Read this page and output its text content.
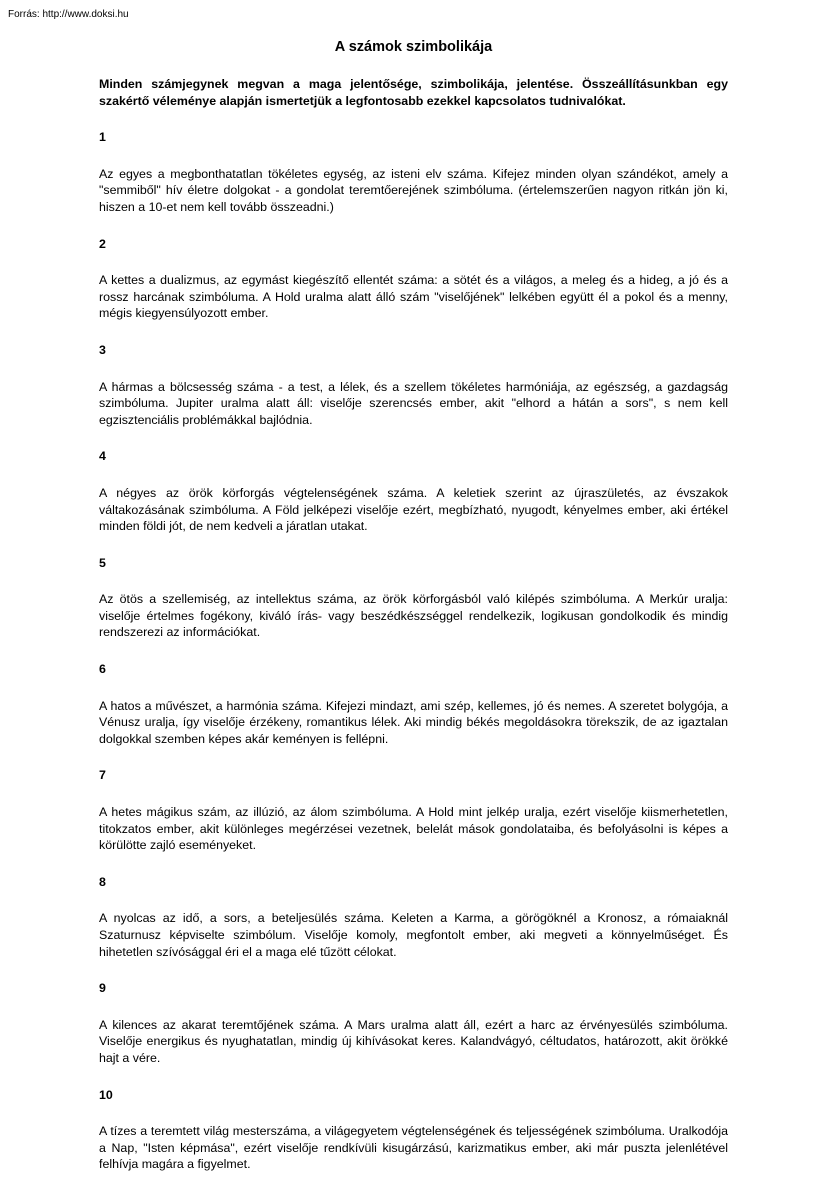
Forrás: http://www.doksi.hu
A számok szimbolikája

Minden számjegynek megvan a maga jelentősége, szimbolikája, jelentése. Összeállításunkban egy szakértő véleménye alapján ismertetjük a legfontosabb ezekkel kapcsolatos tudnivalókat.

1

Az egyes a megbonthatatlan tökéletes egység, az isteni elv száma. Kifejez minden olyan szándékot, amely a "semmiből" hív életre dolgokat - a gondolat teremtőerejének szimbóluma. (értelemszerűen nagyon ritkán jön ki, hiszen a 10-et nem kell tovább összeadni.)

2

A kettes a dualizmus, az egymást kiegészítő ellentét száma: a sötét és a világos, a meleg és a hideg, a jó és a rossz harcának szimbóluma. A Hold uralma alatt álló szám "viselőjének" lelkében együtt él a pokol és a menny, mégis kiegyensúlyozott ember.

3

A hármas a bölcsesség száma - a test, a lélek, és a szellem tökéletes harmóniája, az egészség, a gazdagság szimbóluma. Jupiter uralma alatt áll: viselője szerencsés ember, akit "elhord a hátán a sors", s nem kell egzisztenciális problémákkal bajlódnia.

4

A négyes az örök körforgás végtelenségének száma. A keletiek szerint az újraszületés, az évszakok váltakozásának szimbóluma. A Föld jelképezi viselője ezért, megbízható, nyugodt, kényelmes ember, aki értékel minden földi jót, de nem kedveli a járatlan utakat.

5

Az ötös a szellemiség, az intellektus száma, az örök körforgásból való kilépés szimbóluma. A Merkúr uralja: viselője értelmes fogékony, kiváló írás- vagy beszédkészséggel rendelkezik, logikusan gondolkodik és mindig rendszerezi az információkat.

6

A hatos a művészet, a harmónia száma. Kifejezi mindazt, ami szép, kellemes, jó és nemes. A szeretet bolygója, a Vénusz uralja, így viselője érzékeny, romantikus lélek. Aki mindig békés megoldásokra törekszik, de az igaztalan dolgokkal szemben képes akár keményen is fellépni.

7

A hetes mágikus szám, az illúzió, az álom szimbóluma. A Hold mint jelkép uralja, ezért viselője kiismerhetetlen, titokzatos ember, akit különleges megérzései vezetnek, belelát mások gondolataiba, és befolyásolni is képes a körülötte zajló eseményeket.

8

A nyolcas az idő, a sors, a beteljesülés száma. Keleten a Karma, a görögöknél a Kronosz, a rómaiaknál Szaturnusz képviselte szimbólum. Viselője komoly, megfontolt ember, aki megveti a könnyelműséget. És hihetetlen szívósággal éri el a maga elé tűzött célokat.

9

A kilences az akarat teremtőjének száma. A Mars uralma alatt áll, ezért a harc az érvényesülés szimbóluma. Viselője energikus és nyughatatlan, mindig új kihívásokat keres. Kalandvágyó, céltudatos, határozott, akit örökké hajt a vére.

10

A tízes a teremtett világ mesterszáma, a világegyetem végtelenségének és teljességének szimbóluma. Uralkodója a Nap, "Isten képmása", ezért viselője rendkívüli kisugárzású, karizmatikus ember, aki már puszta jelenlétével felhívja magára a figyelmet.
